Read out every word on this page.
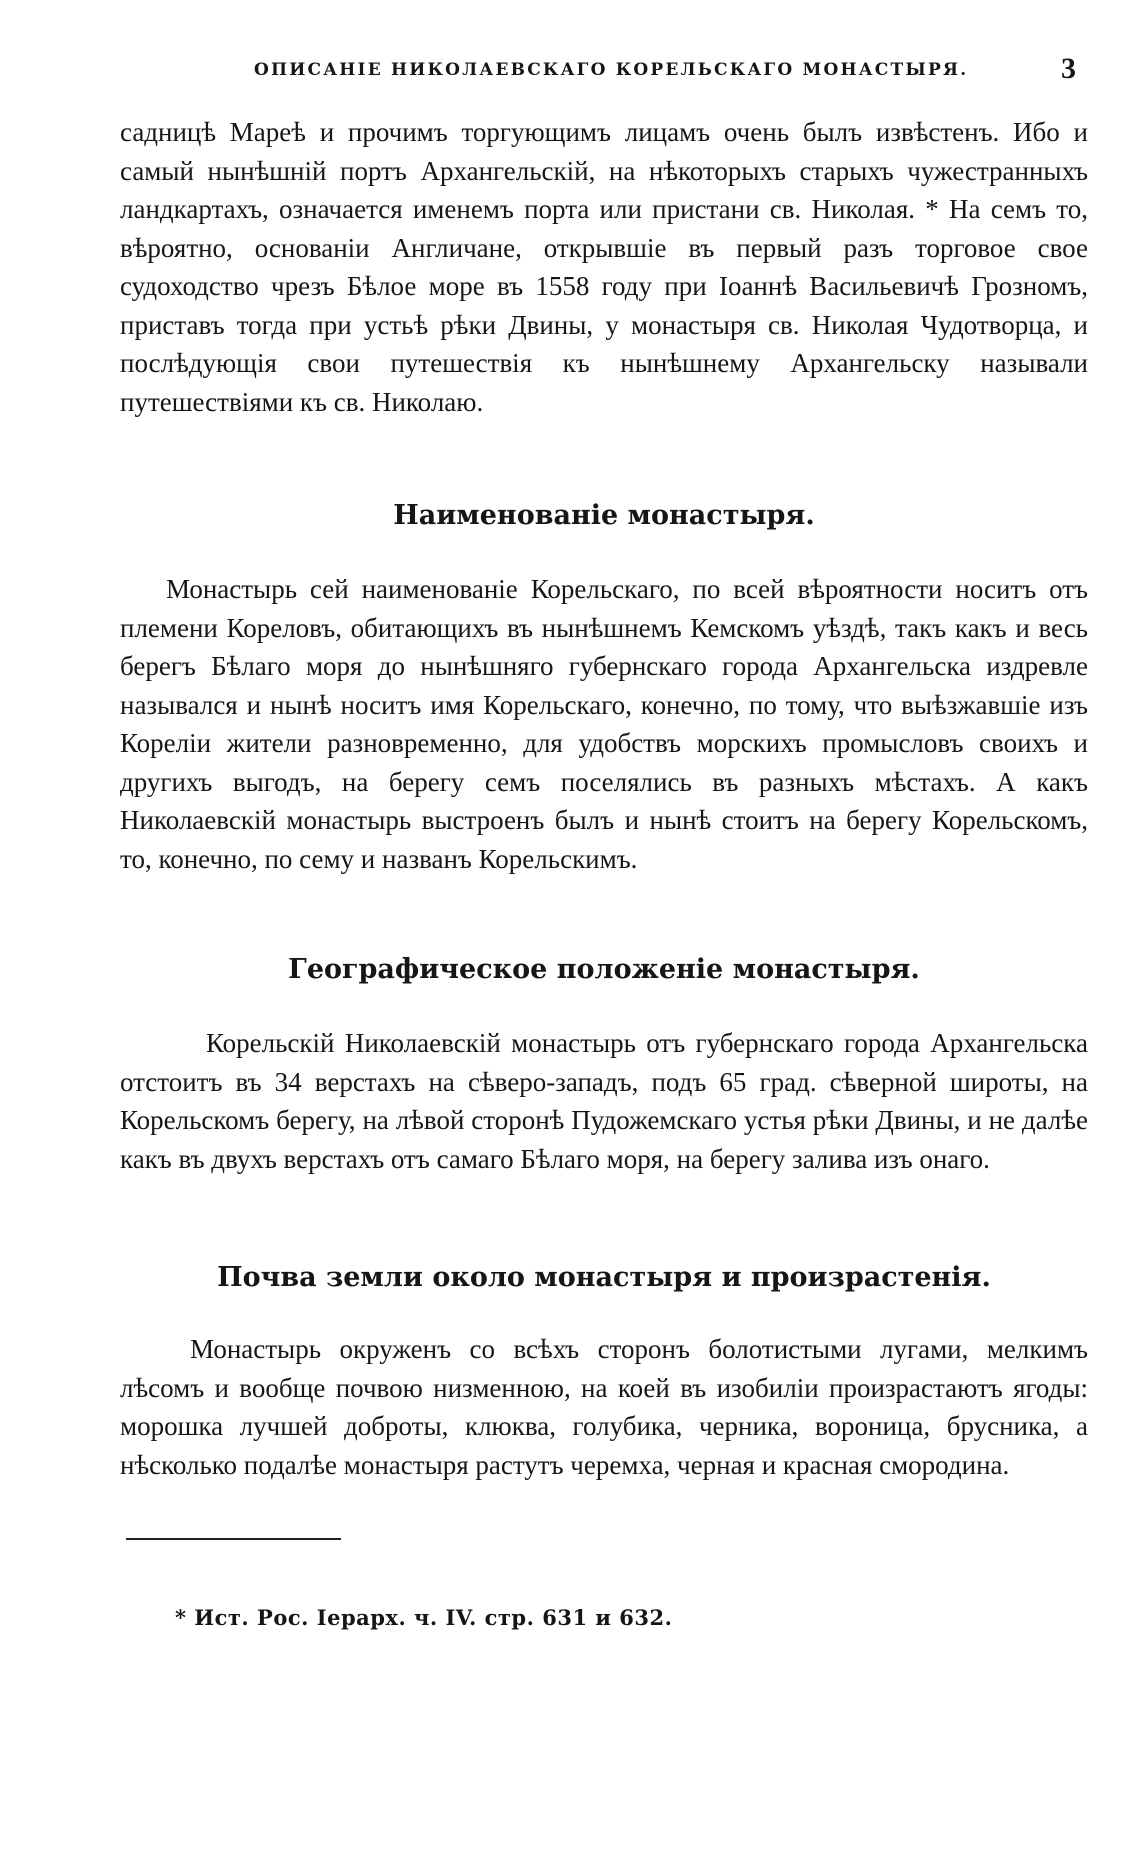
ОПИСАНІЕ НИКОЛАЕВСКАГО КОРЕЛЬСКАГО МОНАСТЫРЯ.	3

садницѣ Мареѣ и прочимъ торгующимъ лицамъ очень былъ извѣстенъ. Ибо и самый нынѣшній портъ Архангельскій, на нѣкоторыхъ старыхъ чужестранныхъ ландкартахъ, означается именемъ порта или пристани св. Николая. * На семъ то, вѣроятно, основаніи Англичане, открывшіе въ первый разъ торговое свое судоходство чрезъ Бѣлое море въ 1558 году при Іоаннѣ Васильевичѣ Грозномъ, приставъ тогда при устьѣ рѣки Двины, у монастыря св. Николая Чудотворца, и послѣдующія свои путешествія къ нынѣшнему Архангельску называли путешествіями къ св. Николаю.

Наименованіе монастыря.

Монастырь сей наименованіе Корельскаго, по всей вѣроятности носитъ отъ племени Кореловъ, обитающихъ въ нынѣшнемъ Кемскомъ уѣздѣ, такъ какъ и весь берегъ Бѣлаго моря до нынѣшняго губернскаго города Архангельска издревле назывался и нынѣ носитъ имя Корельскаго, конечно, по тому, что выѣзжавшіе изъ Кореліи жители разновременно, для удобствъ морскихъ промысловъ своихъ и другихъ выгодъ, на берегу семъ поселялись въ разныхъ мѣстахъ. А какъ Николаевскій монастырь выстроенъ былъ и нынѣ стоитъ на берегу Корельскомъ, то, конечно, по сему и названъ Корельскимъ.

Географическое положеніе монастыря.

Корельскій Николаевскій монастырь отъ губернскаго города Архангельска отстоитъ въ 34 верстахъ на сѣверо-западъ, подъ 65 град. сѣверной широты, на Корельскомъ берегу, на лѣвой сторонѣ Пудожемскаго устья рѣки Двины, и не далѣе какъ въ двухъ верстахъ отъ самаго Бѣлаго моря, на берегу залива изъ онаго.

Почва земли около монастыря и произрастенія.

Монастырь окруженъ со всѣхъ сторонъ болотистыми лугами, мелкимъ лѣсомъ и вообще почвою низменною, на коей въ изобиліи произрастаютъ ягоды: морошка лучшей доброты, клюква, голубика, черника, вороница, брусника, а нѣсколько подалѣе монастыря растутъ черемха, черная и красная смородина.

* Ист. Рос. Іерарх. ч. IV. стр. 631 и 632.
